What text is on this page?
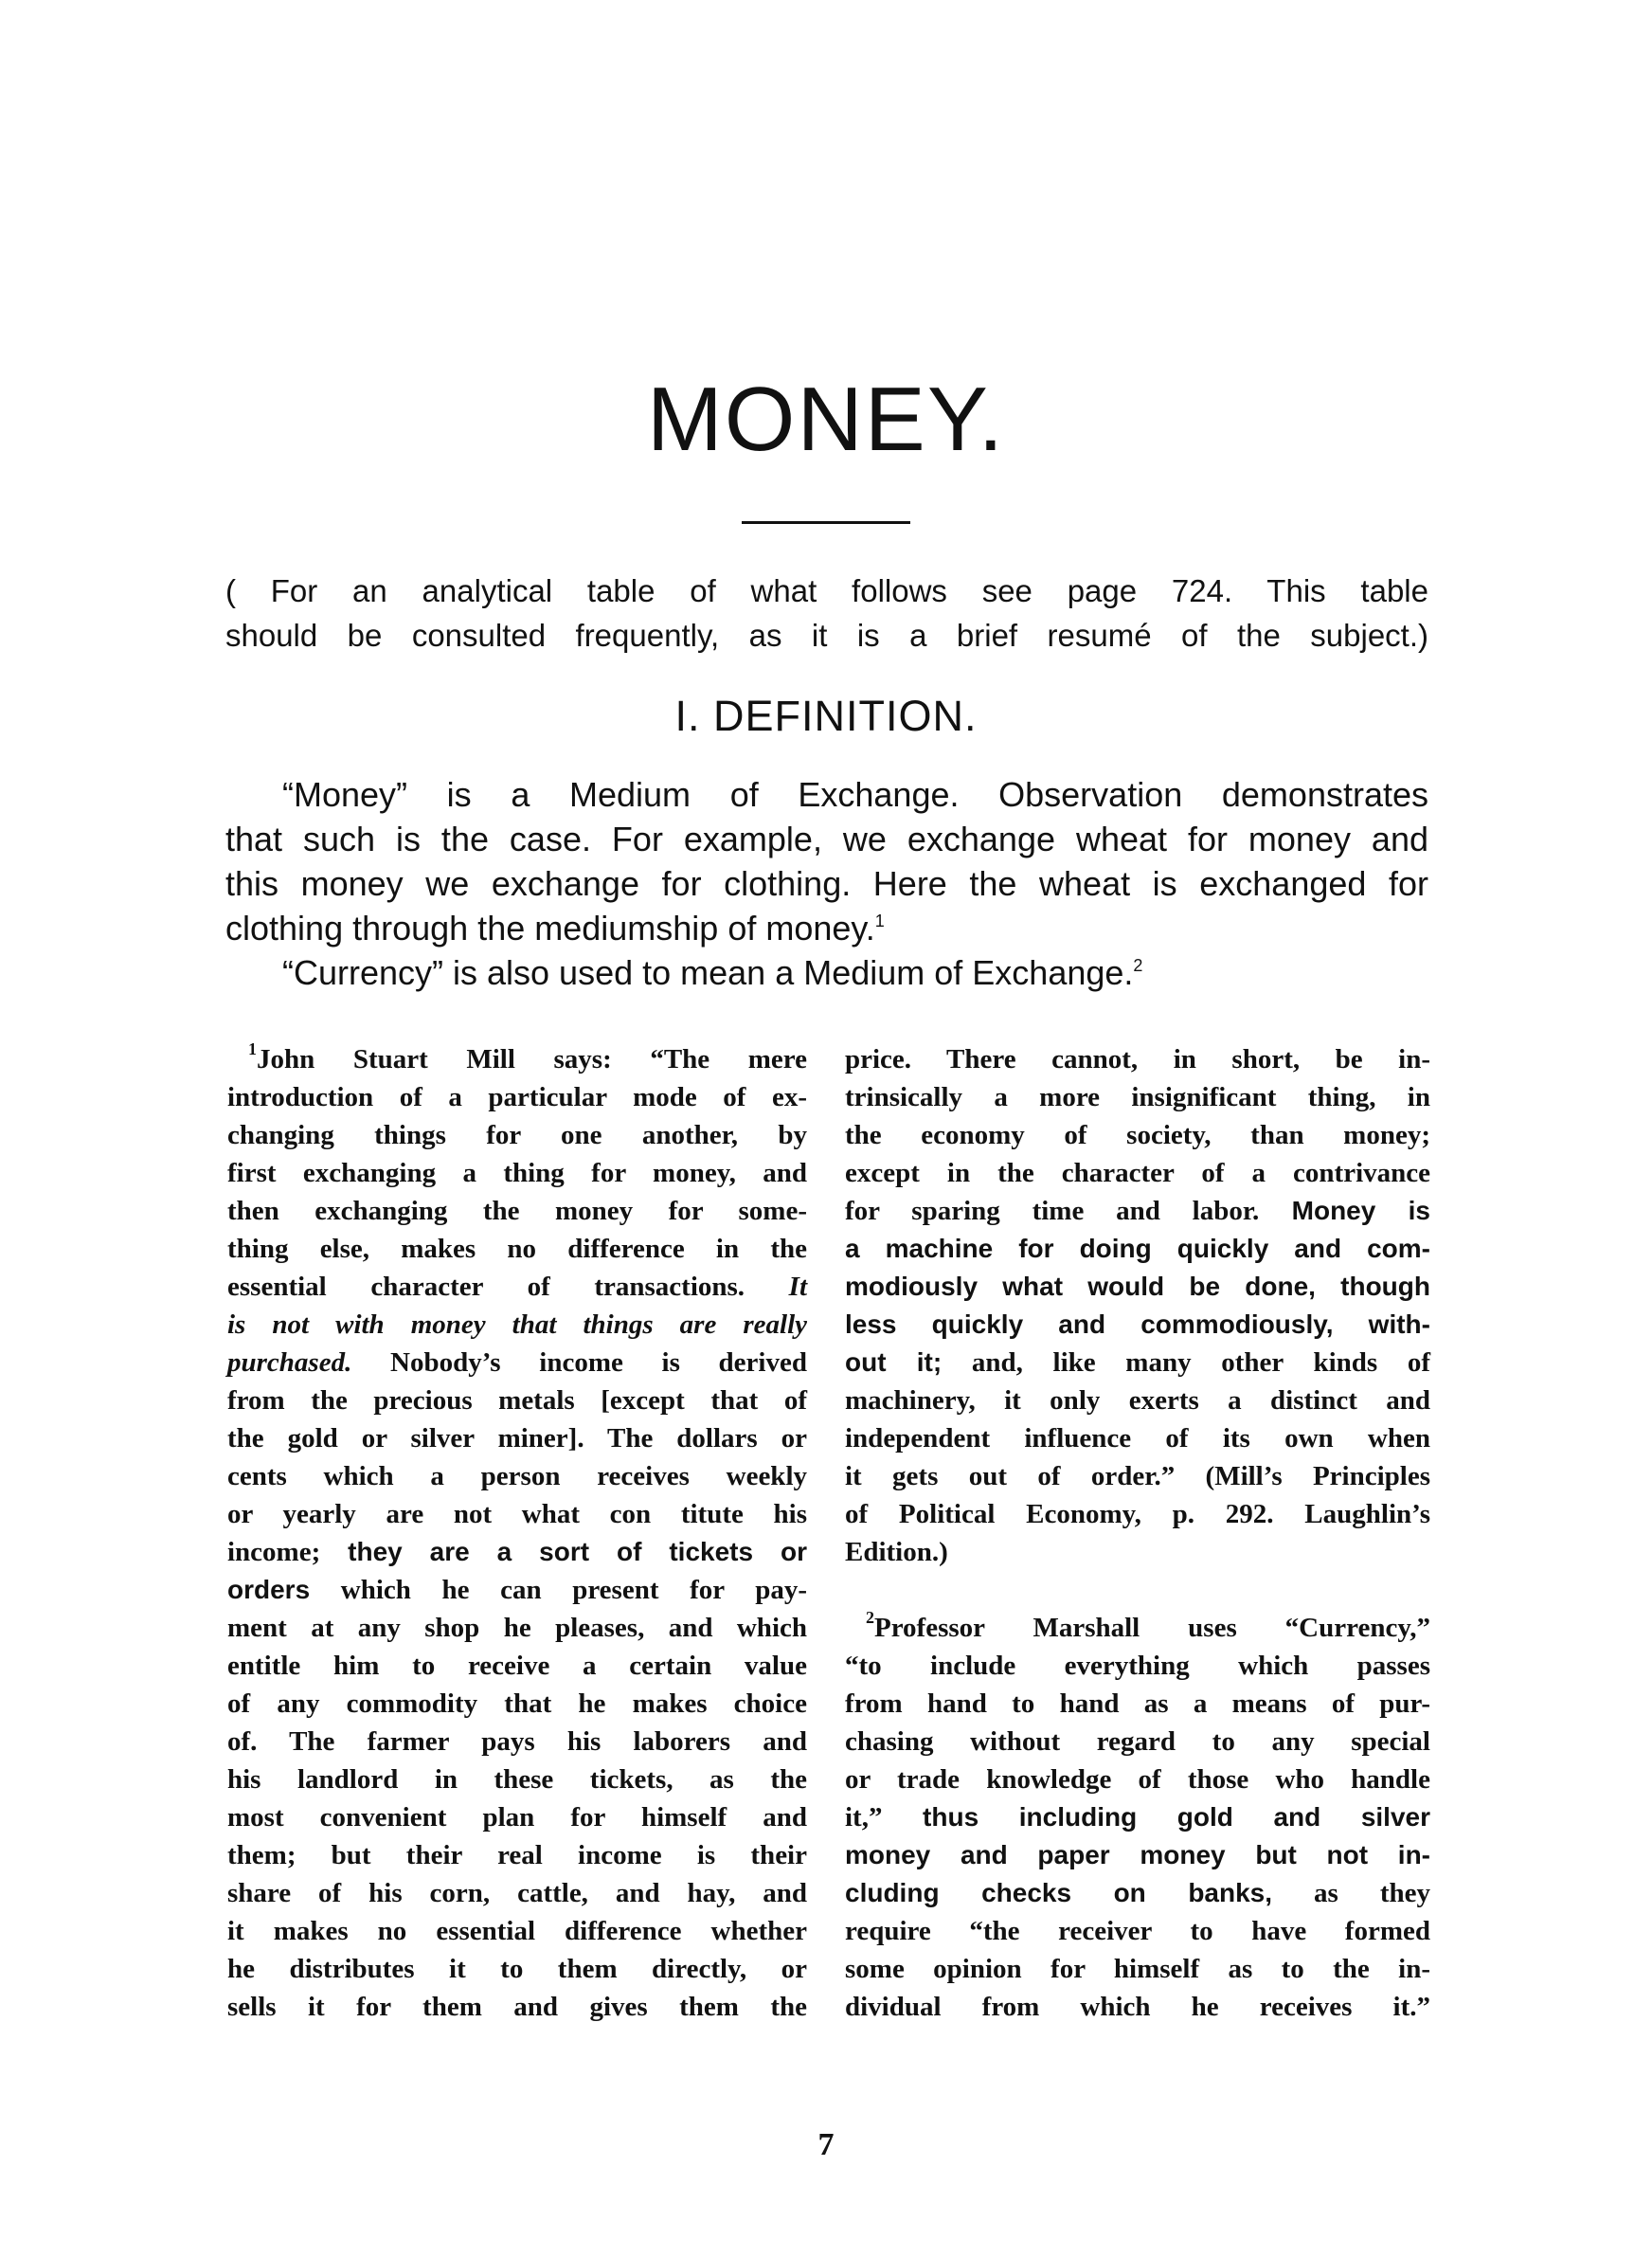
MONEY.
( For an analytical table of what follows see page 724. This table
should be consulted frequently, as it is a brief resumé of the subject.)
I. DEFINITION.
“Money” is a Medium of Exchange. Observation demonstrates
that such is the case. For example, we exchange wheat for money and
this money we exchange for clothing. Here the wheat is exchanged for
clothing through the mediumship of money.$^1$
“Currency” is also used to mean a Medium of Exchange.$^2$
$^1$John Stuart Mill says: “The mere
introduction of a particular mode of ex-
changing things for one another, by
first exchanging a thing for money, and
then exchanging the money for some-
thing else, makes no difference in the
essential character of transactions. It
is not with money that things are really
purchased. Nobody’s income is derived
from the precious metals [except that of
the gold or silver miner]. The dollars or
cents which a person receives weekly
or yearly are not what con titute his
income; they are a sort of tickets or
orders which he can present for pay-
ment at any shop he pleases, and which
entitle him to receive a certain value
of any commodity that he makes choice
of. The farmer pays his laborers and
his landlord in these tickets, as the
most convenient plan for himself and
them; but their real income is their
share of his corn, cattle, and hay, and
it makes no essential difference whether
he distributes it to them directly, or
sells it for them and gives them the
price. There cannot, in short, be in-
trinsically a more insignificant thing, in
the economy of society, than money;
except in the character of a contrivance
for sparing time and labor. Money is
a machine for doing quickly and com-
modiously what would be done, though
less quickly and commodiously, with-
out it; and, like many other kinds of
machinery, it only exerts a distinct and
independent influence of its own when
it gets out of order.” (Mill’s Principles
of Political Economy, p. 292. Laughlin’s
Edition.)
$^2$Professor Marshall uses “Currency,”
“to include everything which passes
from hand to hand as a means of pur-
chasing without regard to any special
or trade knowledge of those who handle
it,” thus including gold and silver
money and paper money but not in-
cluding checks on banks, as they
require “the receiver to have formed
some opinion for himself as to the in-
dividual from which he receives it.”
7
